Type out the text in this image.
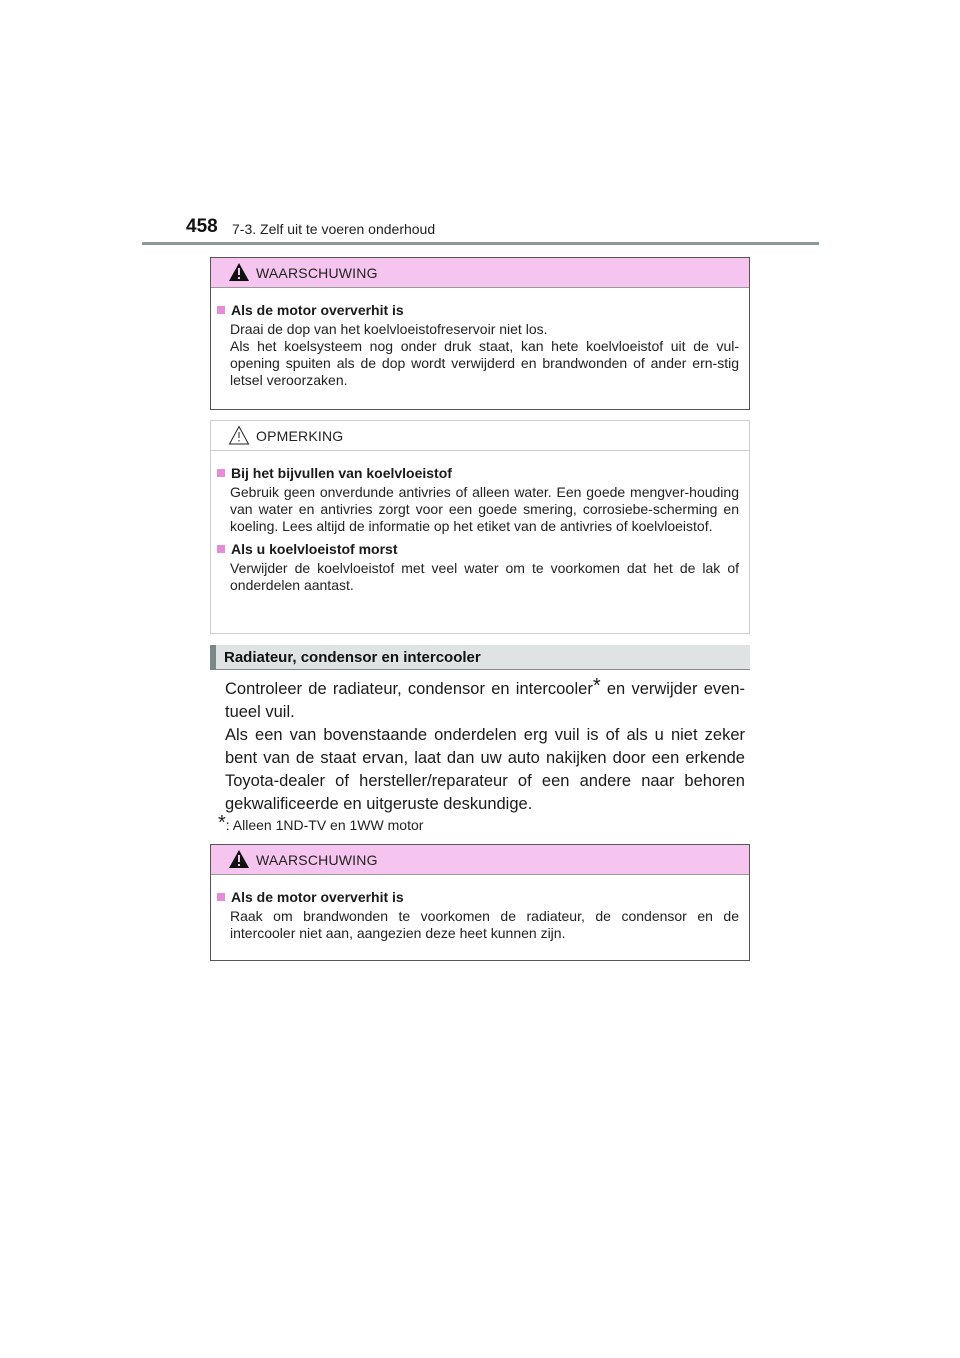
458 7-3. Zelf uit te voeren onderhoud
WAARSCHUWING
Als de motor oververhit is

Draai de dop van het koelvloeistofreservoir niet los.

Als het koelsysteem nog onder druk staat, kan hete koelvloeistof uit de vul-opening spuiten als de dop wordt verwijderd en brandwonden of ander ern-stig letsel veroorzaken.

OPMERKING
Bij het bijvullen van koelvloeistof

Gebruik geen onverdunde antivries of alleen water. Een goede mengver-houding van water en antivries zorgt voor een goede smering, corrosiebe-scherming en koeling. Lees altijd de informatie op het etiket van de antivries of koelvloeistof.

Als u koelvloeistof morst

Verwijder de koelvloeistof met veel water om te voorkomen dat het de lak of onderdelen aantast.

Radiateur, condensor en intercooler

Controleer de radiateur, condensor en intercooler* en verwijder even-tueel vuil.

Als een van bovenstaande onderdelen erg vuil is of als u niet zeker bent van de staat ervan, laat dan uw auto nakijken door een erkende Toyota-dealer of hersteller/reparateur of een andere naar behoren gekwalificeerde en uitgeruste deskundige.

*: Alleen 1ND-TV en 1WW motor
WAARSCHUWING
Als de motor oververhit is

Raak om brandwonden te voorkomen de radiateur, de condensor en de intercooler niet aan, aangezien deze heet kunnen zijn.
